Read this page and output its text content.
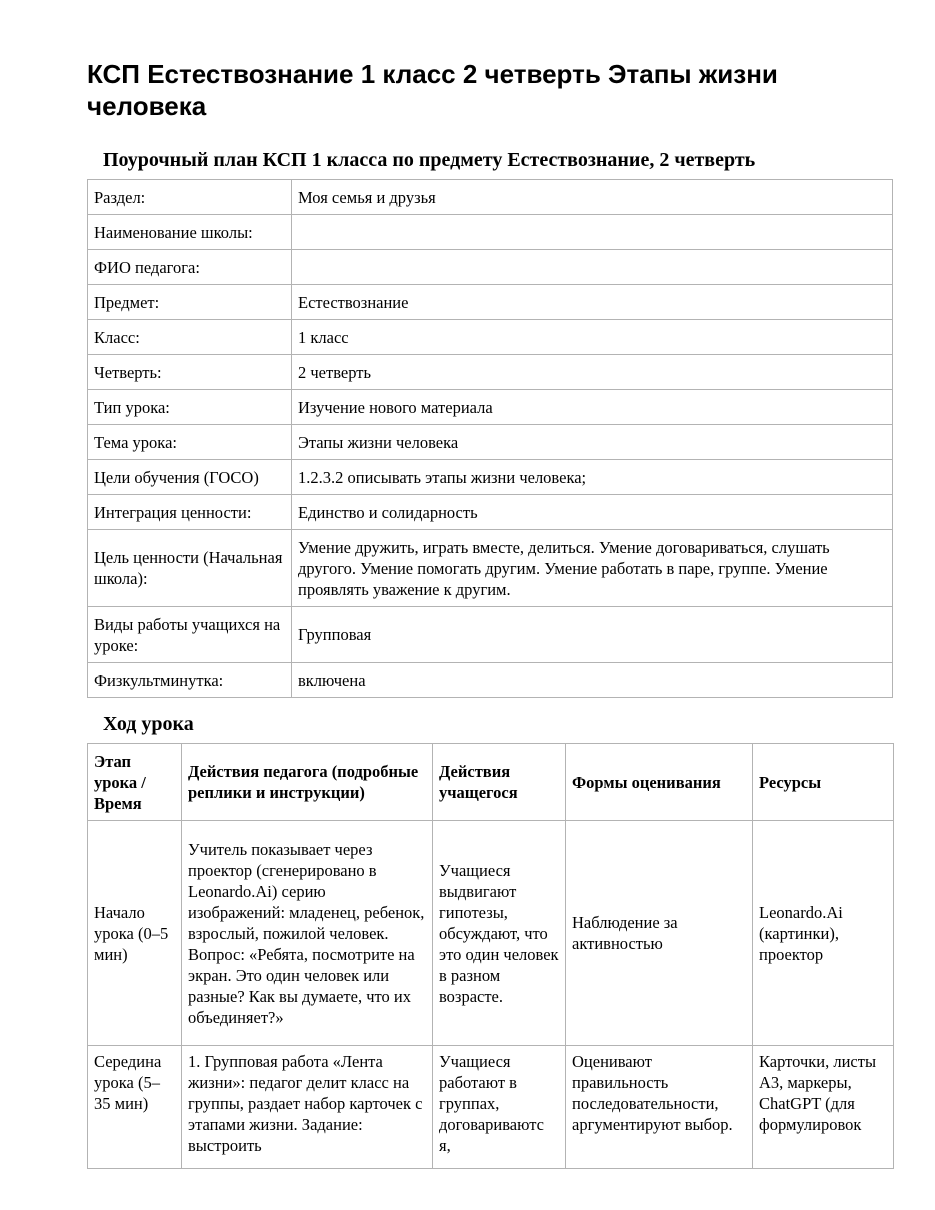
КСП Естествознание 1 класс 2 четверть Этапы жизни человека

Поурочный план КСП 1 класса по предмету Естествознание, 2 четверть

Раздел:	Моя семья и друзья
Наименование школы:	
ФИО педагога:	
Предмет:	Естествознание
Класс:	1 класс
Четверть:	2 четверть
Тип урока:	Изучение нового материала
Тема урока:	Этапы жизни человека
Цели обучения (ГОСО)	1.2.3.2 описывать этапы жизни человека;
Интеграция ценности:	Единство и солидарность
Цель ценности (Начальная школа):	Умение дружить, играть вместе, делиться. Умение договариваться, слушать другого. Умение помогать другим. Умение работать в паре, группе. Умение проявлять уважение к другим.
Виды работы учащихся на уроке:	Групповая
Физкультминутка:	включена

Ход урока

Этап урока / Время	Действия педагога (подробные реплики и инструкции)	Действия учащегося	Формы оценивания	Ресурсы
Начало урока (0–5 мин)	Учитель показывает через проектор (сгенерировано в Leonardo.Ai) серию изображений: младенец, ребенок, взрослый, пожилой человек. Вопрос: «Ребята, посмотрите на экран. Это один человек или разные? Как вы думаете, что их объединяет?»	Учащиеся выдвигают гипотезы, обсуждают, что это один человек в разном возрасте.	Наблюдение за активностью	Leonardo.Ai (картинки), проектор
Середина урока (5–35 мин)	1. Групповая работа «Лента жизни»: педагог делит класс на группы, раздает набор карточек с этапами жизни. Задание: выстроить	Учащиеся работают в группах, договариваютс я,	Оценивают правильность последовательности, аргументируют выбор.	Карточки, листы А3, маркеры, ChatGPT (для формулировок
